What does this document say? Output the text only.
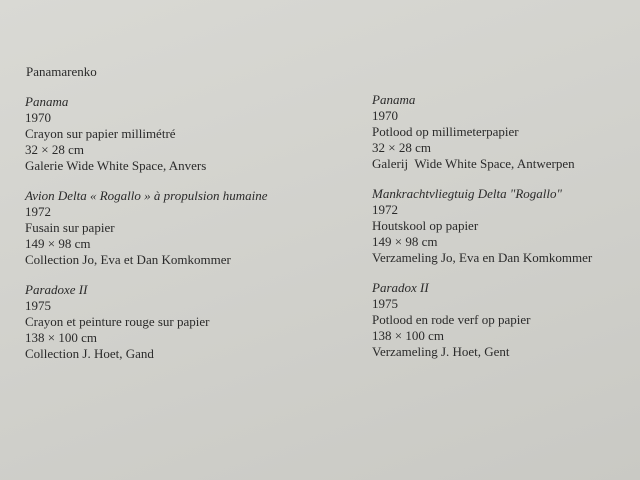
Panamarenko
Panama
1970
Crayon sur papier millimétré
32 × 28 cm
Galerie Wide White Space, Anvers
Avion Delta « Rogallo » à propulsion humaine
1972
Fusain sur papier
149 × 98 cm
Collection Jo, Eva et Dan Komkommer
Paradoxe II
1975
Crayon et peinture rouge sur papier
138 × 100 cm
Collection J. Hoet, Gand
Panama
1970
Potlood op millimeterpapier
32 × 28 cm
Galerij  Wide White Space, Antwerpen
Mankrachtvliegtuig Delta "Rogallo"
1972
Houtskool op papier
149 × 98 cm
Verzameling Jo, Eva en Dan Komkommer
Paradox II
1975
Potlood en rode verf op papier
138 × 100 cm
Verzameling J. Hoet, Gent
